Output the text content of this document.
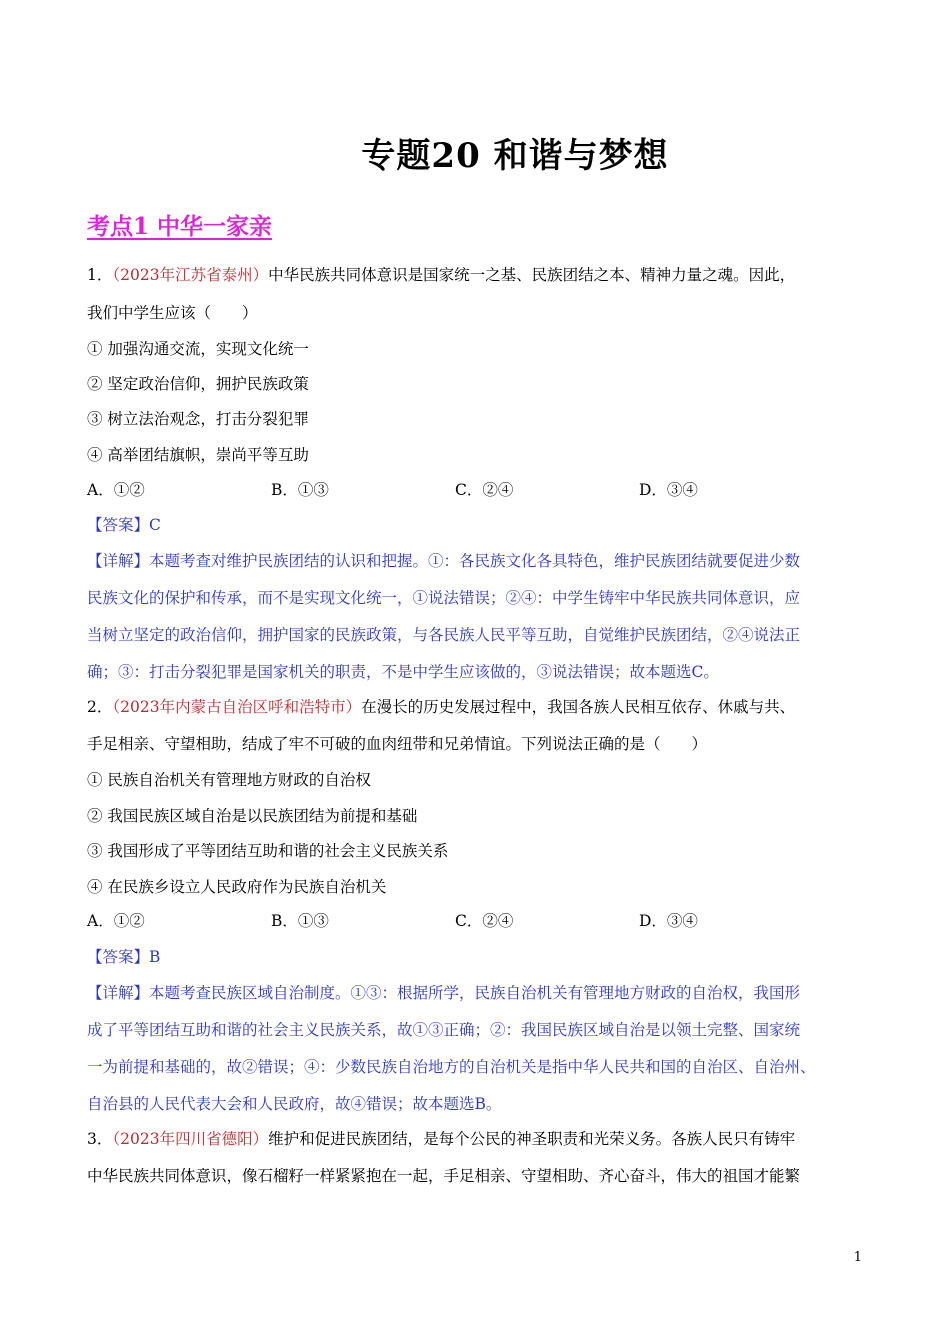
专题20 和谐与梦想
考点1 中华一家亲
1．（2023年江苏省泰州）中华民族共同体意识是国家统一之基、民族团结之本、精神力量之魂。因此，
我们中学生应该（　　）
① 加强沟通交流，实现文化统一
② 坚定政治信仰，拥护民族政策
③ 树立法治观念，打击分裂犯罪
④ 高举团结旗帜，崇尚平等互助
A．①②	B．①③	C．②④	D．③④
【答案】C
【详解】本题考查对维护民族团结的认识和把握。①：各民族文化各具特色，维护民族团结就要促进少数
民族文化的保护和传承，而不是实现文化统一，①说法错误；②④：中学生铸牢中华民族共同体意识，应
当树立坚定的政治信仰，拥护国家的民族政策，与各民族人民平等互助，自觉维护民族团结，②④说法正
确；③：打击分裂犯罪是国家机关的职责，不是中学生应该做的，③说法错误；故本题选C。
2．（2023年内蒙古自治区呼和浩特市）在漫长的历史发展过程中，我国各族人民相互依存、休戚与共、
手足相亲、守望相助，结成了牢不可破的血肉纽带和兄弟情谊。下列说法正确的是（　　）
① 民族自治机关有管理地方财政的自治权
② 我国民族区域自治是以民族团结为前提和基础
③ 我国形成了平等团结互助和谐的社会主义民族关系
④ 在民族乡设立人民政府作为民族自治机关
A．①②	B．①③	C．②④	D．③④
【答案】B
【详解】本题考查民族区域自治制度。①③：根据所学，民族自治机关有管理地方财政的自治权，我国形
成了平等团结互助和谐的社会主义民族关系，故①③正确；②：我国民族区域自治是以领土完整、国家统
一为前提和基础的，故②错误；④：少数民族自治地方的自治机关是指中华人民共和国的自治区、自治州、
自治县的人民代表大会和人民政府，故④错误；故本题选B。
3．（2023年四川省德阳）维护和促进民族团结，是每个公民的神圣职责和光荣义务。各族人民只有铸牢
中华民族共同体意识，像石榴籽一样紧紧抱在一起，手足相亲、守望相助、齐心奋斗，伟大的祖国才能繁
1
